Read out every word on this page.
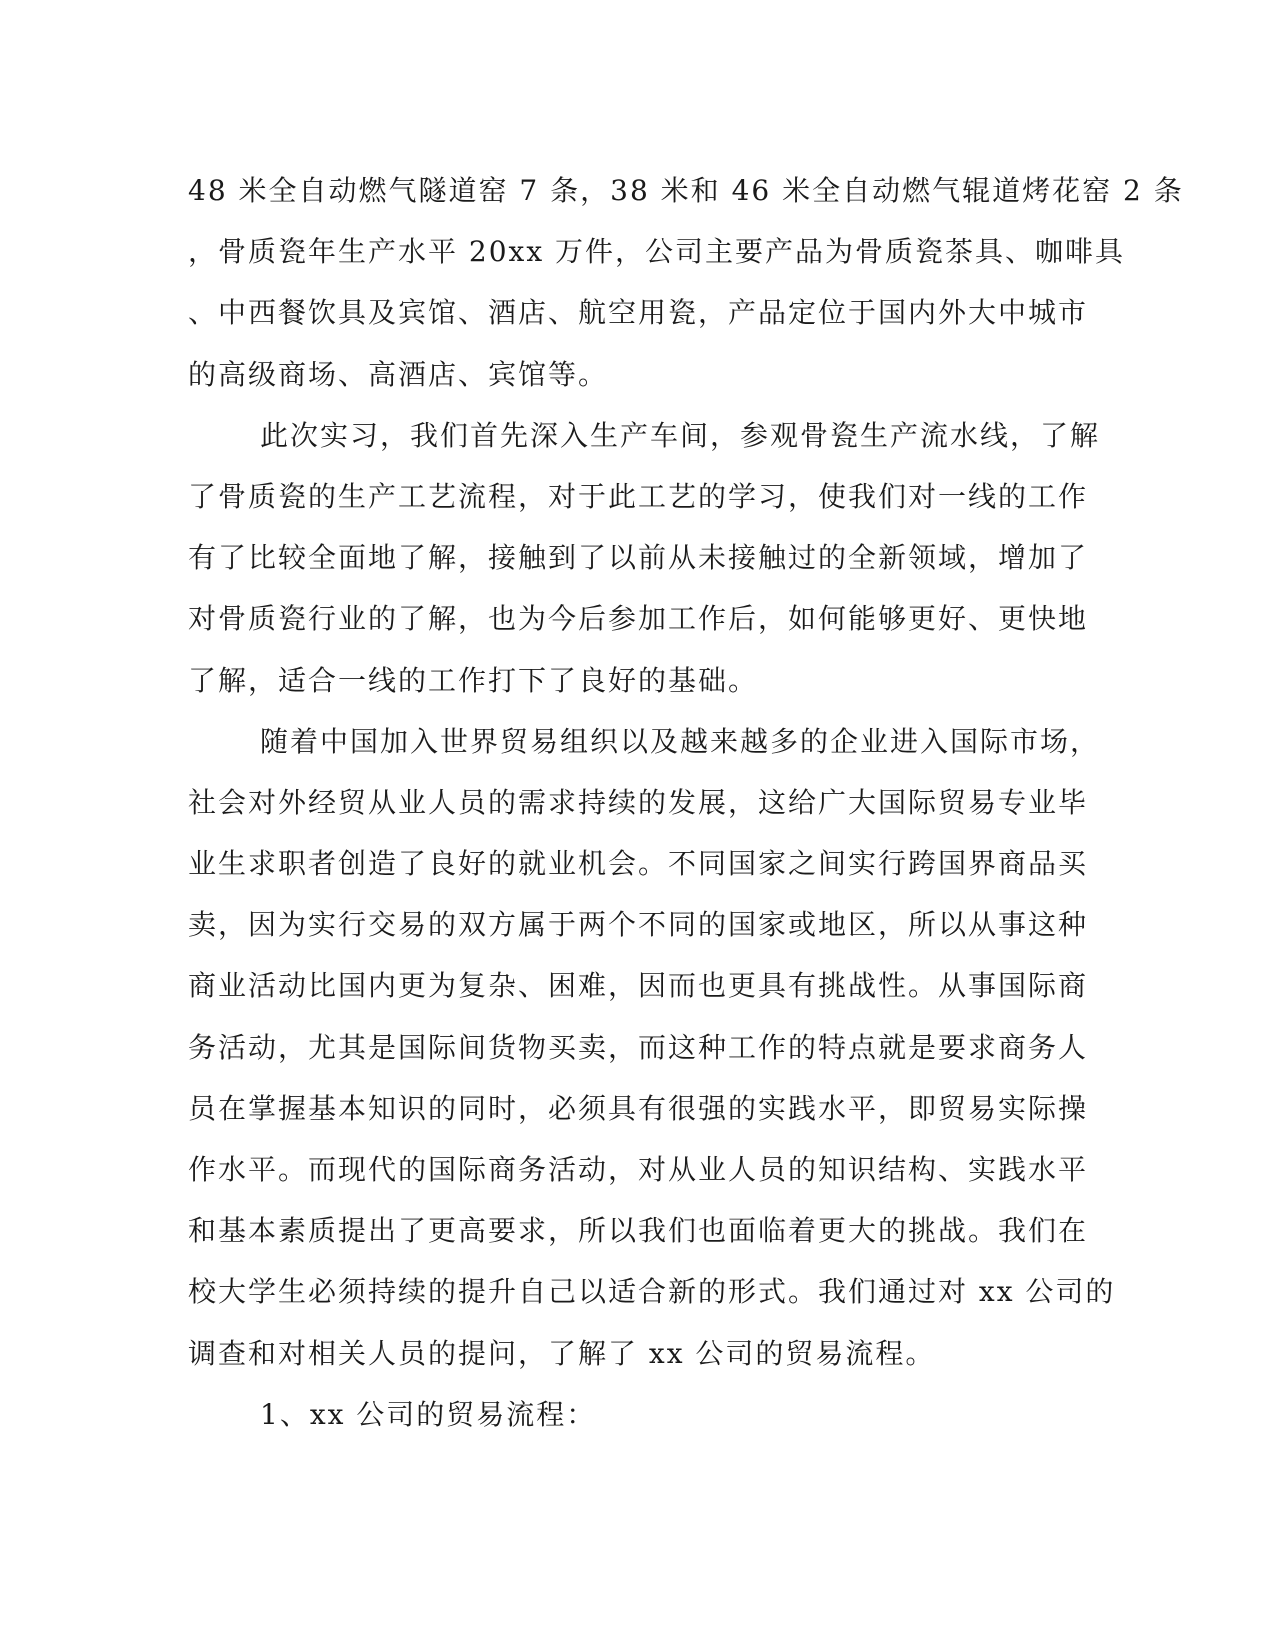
48 米全自动燃气隧道窑 7 条，38 米和 46 米全自动燃气辊道烤花窑 2 条
，骨质瓷年生产水平 20xx 万件，公司主要产品为骨质瓷茶具、咖啡具
、中西餐饮具及宾馆、酒店、航空用瓷，产品定位于国内外大中城市
的高级商场、高酒店、宾馆等。
此次实习，我们首先深入生产车间，参观骨瓷生产流水线，了解
了骨质瓷的生产工艺流程，对于此工艺的学习，使我们对一线的工作
有了比较全面地了解，接触到了以前从未接触过的全新领域，增加了
对骨质瓷行业的了解，也为今后参加工作后，如何能够更好、更快地
了解，适合一线的工作打下了良好的基础。
随着中国加入世界贸易组织以及越来越多的企业进入国际市场，
社会对外经贸从业人员的需求持续的发展，这给广大国际贸易专业毕
业生求职者创造了良好的就业机会。不同国家之间实行跨国界商品买
卖，因为实行交易的双方属于两个不同的国家或地区，所以从事这种
商业活动比国内更为复杂、困难，因而也更具有挑战性。从事国际商
务活动，尤其是国际间货物买卖，而这种工作的特点就是要求商务人
员在掌握基本知识的同时，必须具有很强的实践水平，即贸易实际操
作水平。而现代的国际商务活动，对从业人员的知识结构、实践水平
和基本素质提出了更高要求，所以我们也面临着更大的挑战。我们在
校大学生必须持续的提升自己以适合新的形式。我们通过对 xx 公司的
调查和对相关人员的提问，了解了 xx 公司的贸易流程。
1、xx 公司的贸易流程：
